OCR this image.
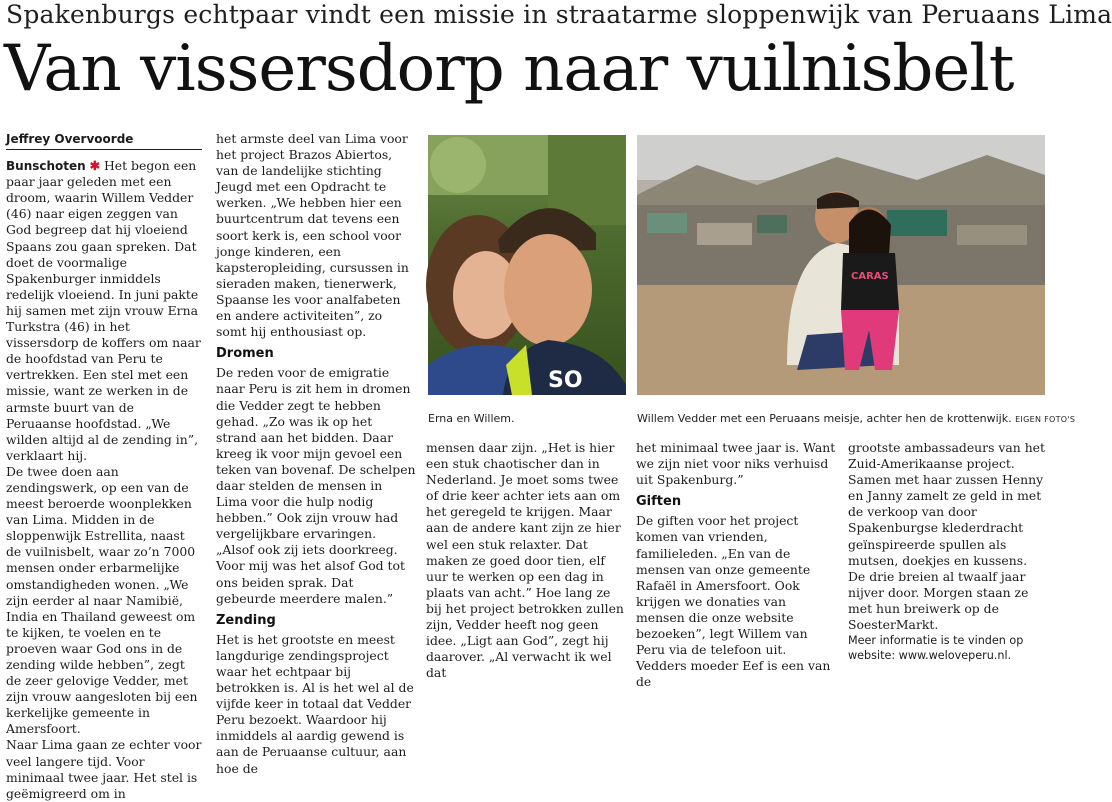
Spakenburgs echtpaar vindt een missie in straatarme sloppenwijk van Peruaans Lima
Van vissersdorp naar vuilnisbelt
Jeffrey Overvoorde

Bunschoten ✱ Het begon een paar jaar geleden met een droom, waarin Willem Vedder (46) naar eigen zeggen van God begreep dat hij vloeiend Spaans zou gaan spreken. Dat doet de voormalige Spakenburger inmiddels redelijk vloeiend. In juni pakte hij samen met zijn vrouw Erna Turkstra (46) in het vissersdorp de koffers om naar de hoofdstad van Peru te vertrekken. Een stel met een missie, want ze werken in de armste buurt van de Peruaanse hoofdstad. „We wilden altijd al de zending in”, verklaart hij.

De twee doen aan zendingswerk, op een van de meest beroerde woonplekken van Lima. Midden in de sloppenwijk Estrellita, naast de vuilnisbelt, waar zo’n 7000 mensen onder erbarmelijke omstandigheden wonen. „We zijn eerder al naar Namibië, India en Thailand geweest om te kijken, te voelen en te proeven waar God ons in de zending wilde hebben”, zegt de zeer gelovige Vedder, met zijn vrouw aangesloten bij een kerkelijke gemeente in Amersfoort.

Naar Lima gaan ze echter voor veel langere tijd. Voor minimaal twee jaar. Het stel is geëmigreerd om in

het armste deel van Lima voor het project Brazos Abiertos, van de landelijke stichting Jeugd met een Opdracht te werken. „We hebben hier een buurtcentrum dat tevens een soort kerk is, een school voor jonge kinderen, een kapsteropleiding, cursussen in sieraden maken, tienerwerk, Spaanse les voor analfabeten en andere activiteiten”, zo somt hij enthousiast op.

Dromen

De reden voor de emigratie naar Peru is zit hem in dromen die Vedder zegt te hebben gehad. „Zo was ik op het strand aan het bidden. Daar kreeg ik voor mijn gevoel een teken van bovenaf. De schelpen daar stelden de mensen in Lima voor die hulp nodig hebben.” Ook zijn vrouw had vergelijkbare ervaringen. „Alsof ook zij iets doorkreeg. Voor mij was het alsof God tot ons beiden sprak. Dat gebeurde meerdere malen.”

Zending

Het is het grootste en meest langdurige zendingsproject waar het echtpaar bij betrokken is. Al is het wel al de vijfde keer in totaal dat Vedder Peru bezoekt. Waardoor hij inmiddels al aardig gewend is aan de Peruaanse cultuur, aan hoe de

SO
Erna en Willem.
CARAS
Willem Vedder met een Peruaans meisje, achter hen de krottenwijk. EIGEN FOTO'S

mensen daar zijn. „Het is hier een stuk chaotischer dan in Nederland. Je moet soms twee of drie keer achter iets aan om het geregeld te krijgen. Maar aan de andere kant zijn ze hier wel een stuk relaxter. Dat maken ze goed door tien, elf uur te werken op een dag in plaats van acht.” Hoe lang ze bij het project betrokken zullen zijn, Vedder heeft nog geen idee. „Ligt aan God”, zegt hij daarover. „Al verwacht ik wel dat

het minimaal twee jaar is. Want we zijn niet voor niks verhuisd uit Spakenburg.”

Giften

De giften voor het project komen van vrienden, familieleden. „En van de mensen van onze gemeente Rafaël in Amersfoort. Ook krijgen we donaties van mensen die onze website bezoeken”, legt Willem van Peru via de telefoon uit. Vedders moeder Eef is een van de

grootste ambassadeurs van het Zuid-Amerikaanse project. Samen met haar zussen Henny en Janny zamelt ze geld in met de verkoop van door Spakenburgse klederdracht geïnspireerde spullen als mutsen, doekjes en kussens. De drie breien al twaalf jaar nijver door. Morgen staan ze met hun breiwerk op de SoesterMarkt.

Meer informatie is te vinden op website: www.weloveperu.nl.
